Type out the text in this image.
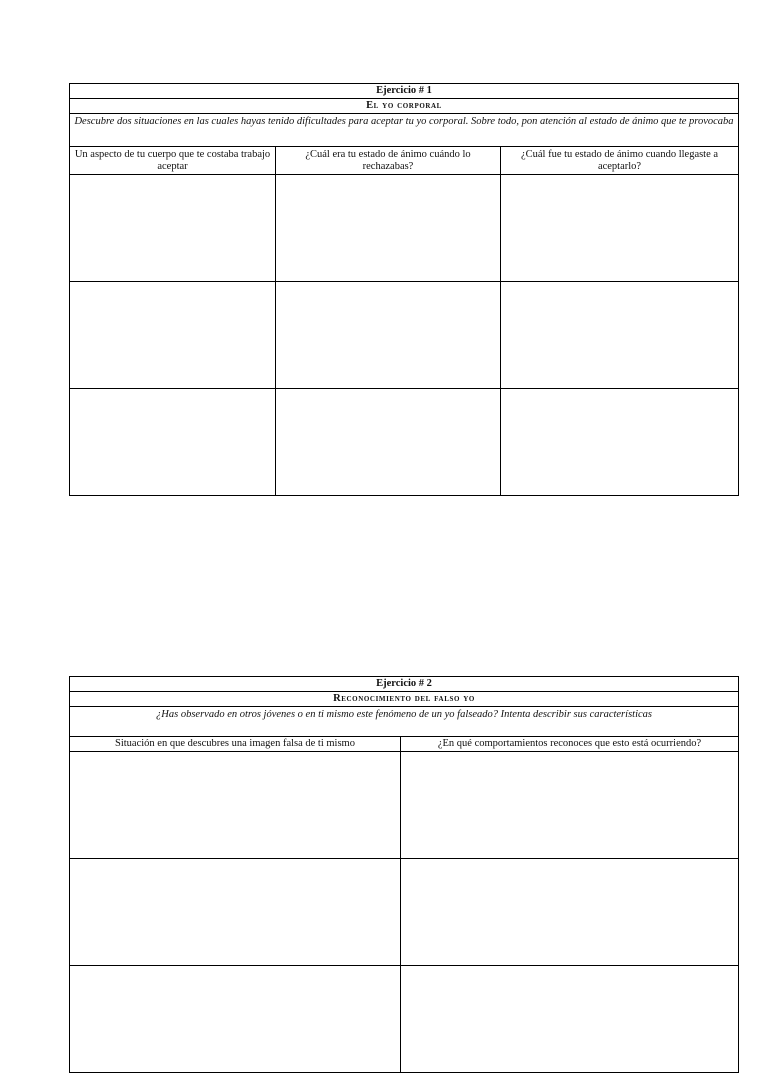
Ejercicio # 1		
El yo corporal		
Descubre dos situaciones en las cuales hayas tenido dificultades para aceptar tu yo corporal. Sobre todo, pon atención al estado de ánimo que te provocaba		
Un aspecto de tu cuerpo que te costaba trabajo aceptar	¿Cuál era tu estado de ánimo cuándo lo rechazabas?	¿Cuál fue tu estado de ánimo cuando llegaste a aceptarlo?

Ejercicio # 2	
Reconocimiento del falso yo	
¿Has observado en otros jóvenes o en ti mismo este fenómeno de un yo falseado? Intenta describir sus características	
Situación en que descubres una imagen falsa de ti mismo	¿En qué comportamientos reconoces que esto está ocurriendo?
